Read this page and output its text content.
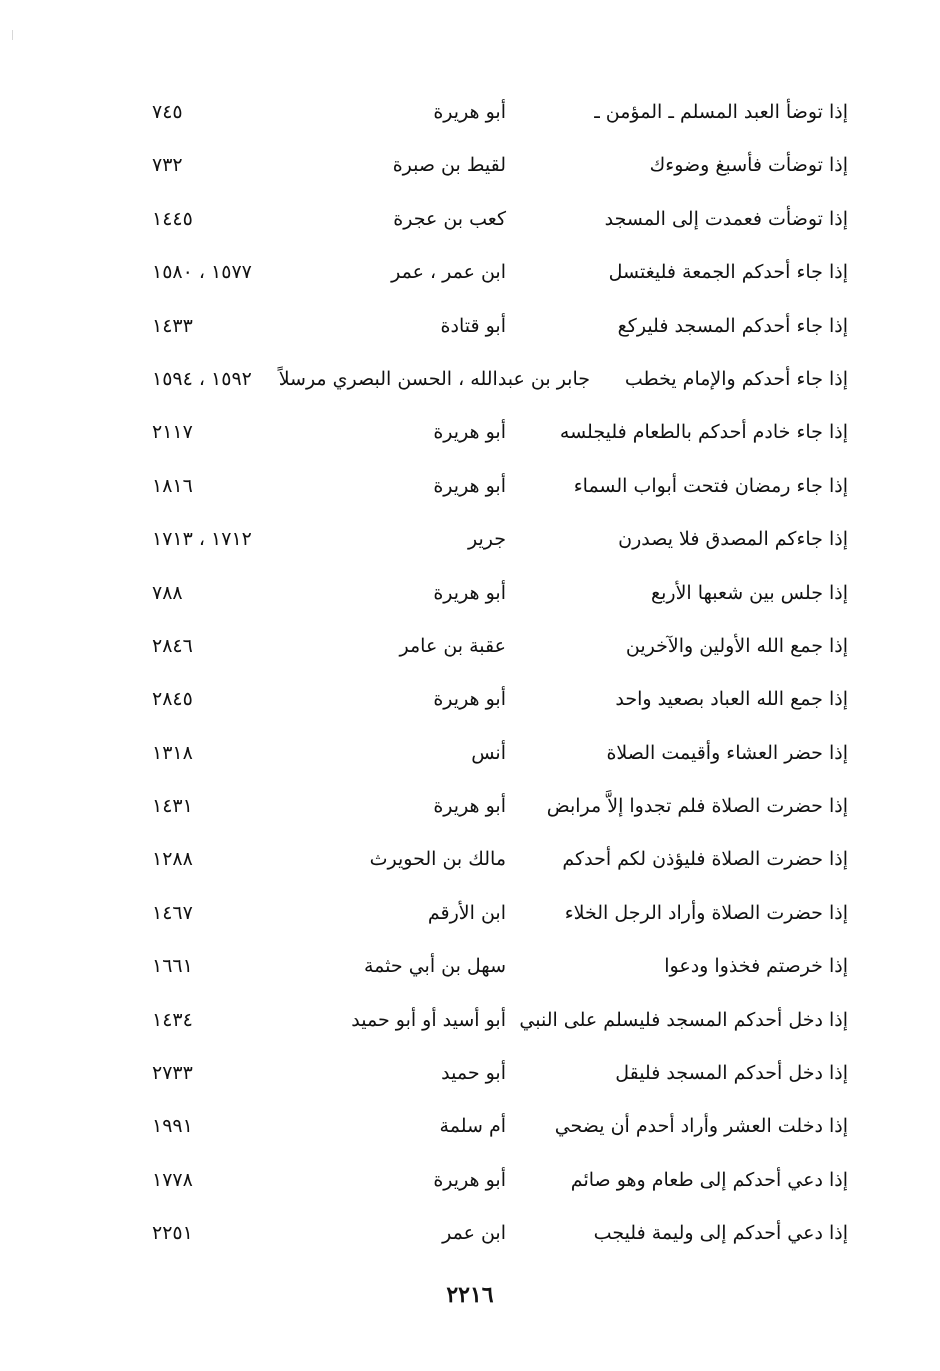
إذا توضأ العبد المسلم ـ المؤمن ـ
أبو هريرة
٧٤٥
إذا توضأت فأسبغ وضوءك
لقيط بن صبرة
٧٣٢
إذا توضأت فعمدت إلى المسجد
كعب بن عجرة
١٤٤٥
إذا جاء أحدكم الجمعة فليغتسل
ابن عمر ، عمر
١٥٧٧ ، ١٥٨٠
إذا جاء أحدكم المسجد فليركع
أبو قتادة
١٤٣٣
إذا جاء أحدكم والإمام يخطب
جابر بن عبدالله ، الحسن البصري مرسلاً
١٥٩٢ ، ١٥٩٤
إذا جاء خادم أحدكم بالطعام فليجلسه
أبو هريرة
٢١١٧
إذا جاء رمضان فتحت أبواب السماء
أبو هريرة
١٨١٦
إذا جاءكم المصدق فلا يصدرن
جرير
١٧١٢ ، ١٧١٣
إذا جلس بين شعبها الأربع
أبو هريرة
٧٨٨
إذا جمع الله الأولين والآخرين
عقبة بن عامر
٢٨٤٦
إذا جمع الله العباد بصعيد واحد
أبو هريرة
٢٨٤٥
إذا حضر العشاء وأقيمت الصلاة
أنس
١٣١٨
إذا حضرت الصلاة فلم تجدوا إلاَّ مرابض
أبو هريرة
١٤٣١
إذا حضرت الصلاة فليؤذن لكم أحدكم
مالك بن الحويرث
١٢٨٨
إذا حضرت الصلاة وأراد الرجل الخلاء
ابن الأرقم
١٤٦٧
إذا خرصتم فخذوا ودعوا
سهل بن أبي حثمة
١٦٦١
إذا دخل أحدكم المسجد فليسلم على النبي
أبو أسيد أو أبو حميد
١٤٣٤
إذا دخل أحدكم المسجد فليقل
أبو حميد
٢٧٣٣
إذا دخلت العشر وأراد أحدم أن يضحي
أم سلمة
١٩٩١
إذا دعي أحدكم إلى طعام وهو صائم
أبو هريرة
١٧٧٨
إذا دعي أحدكم إلى وليمة فليجب
ابن عمر
٢٢٥١
٢٢١٦
